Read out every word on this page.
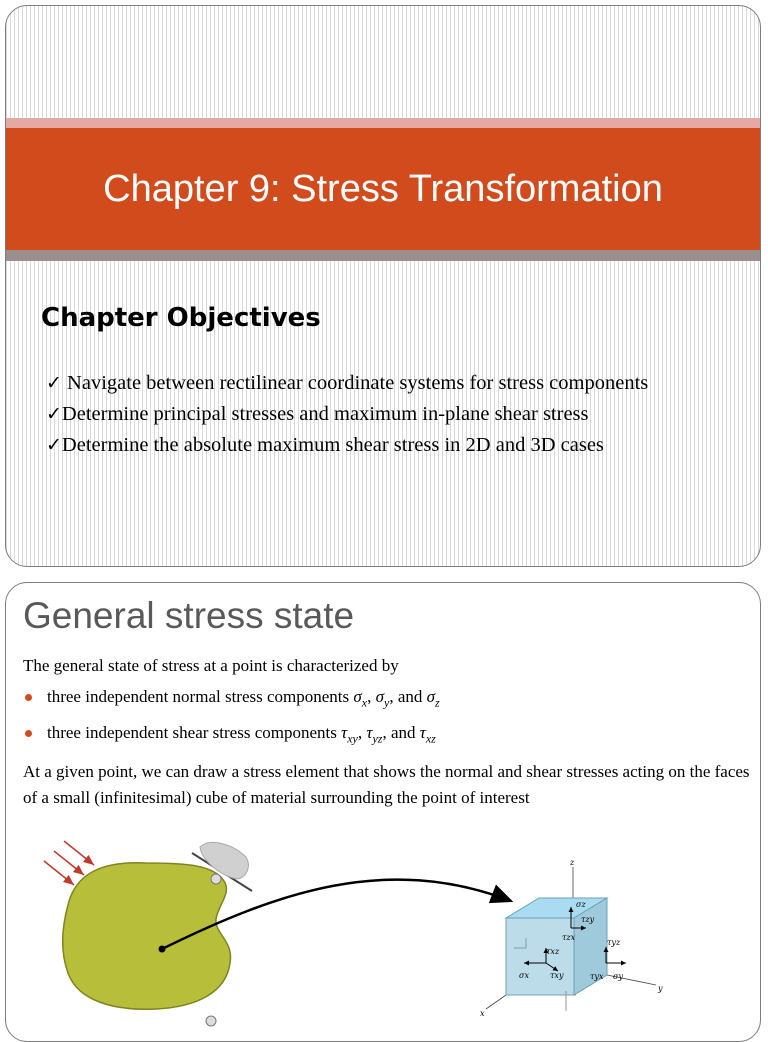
Chapter 9: Stress Transformation
Chapter Objectives

✓ Navigate between rectilinear coordinate systems for stress components

✓Determine principal stresses and maximum in-plane shear stress

✓Determine the absolute maximum shear stress in 2D and 3D cases

General stress state

The general state of stress at a point is characterized by

three independent normal stress components $\sigma_x$, $\sigma_y$, and $\sigma_z$

three independent shear stress components $\tau_{xy}$, $\tau_{yz}$, and $\tau_{xz}$

At a given point, we can draw a stress element that shows the normal and shear stresses acting on the faces of a small (infinitesimal) cube of material surrounding the point of interest

z
x
y
σz
τzy
τzx
τxz
τxy
σx
τyz
τyx σy
